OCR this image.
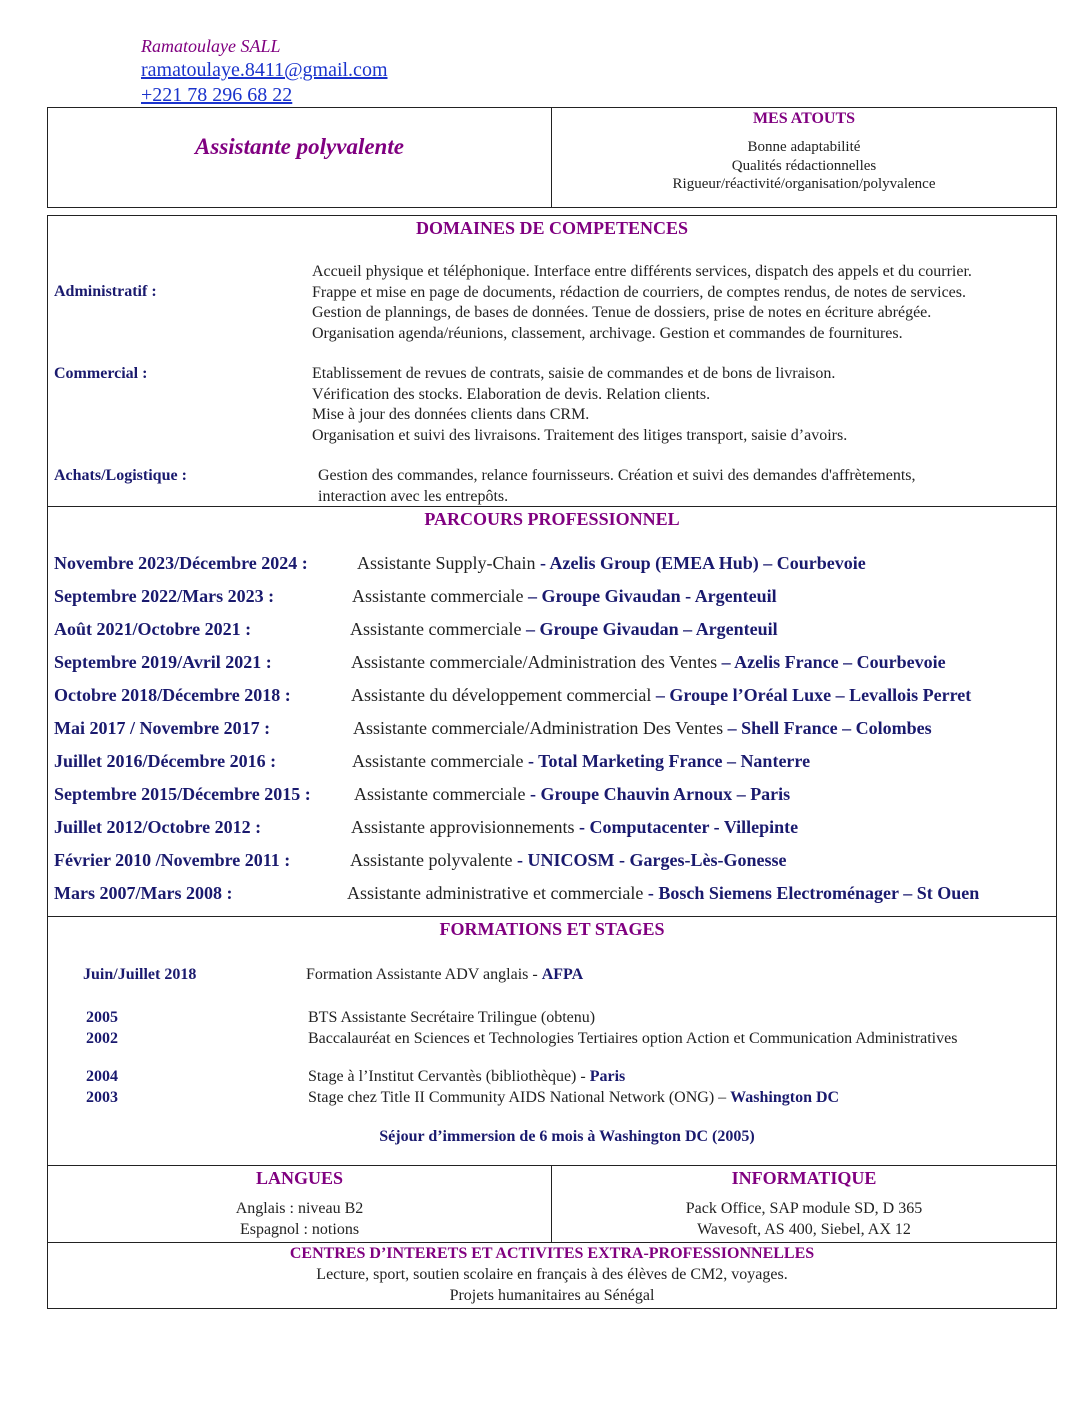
Ramatoulaye SALL
ramatoulaye.8411@gmail.com
+221 78 296 68 22
Assistante polyvalente
MES ATOUTS
Bonne adaptabilité
Qualités rédactionnelles
Rigueur/réactivité/organisation/polyvalence
DOMAINES DE COMPETENCES
Administratif :
Accueil physique et téléphonique. Interface entre différents services, dispatch des appels et du courrier.
Frappe et mise en page de documents, rédaction de courriers, de comptes rendus, de notes de services.
Gestion de plannings, de bases de données. Tenue de dossiers, prise de notes en écriture abrégée.
Organisation agenda/réunions, classement, archivage. Gestion et commandes de fournitures.
Commercial :	Etablissement de revues de contrats, saisie de commandes et de bons de livraison.
Vérification des stocks. Elaboration de devis. Relation clients.
Mise à jour des données clients dans CRM.
Organisation et suivi des livraisons. Traitement des litiges transport, saisie d’avoirs.
Achats/Logistique :	Gestion des commandes, relance fournisseurs. Création et suivi des demandes d'affrètements,
interaction avec les entrepôts.
PARCOURS PROFESSIONNEL
Novembre 2023/Décembre 2024 :	Assistante Supply-Chain - Azelis Group (EMEA Hub) – Courbevoie
Septembre 2022/Mars 2023 :	Assistante commerciale – Groupe Givaudan - Argenteuil
Août 2021/Octobre 2021 :	Assistante commerciale – Groupe Givaudan – Argenteuil
Septembre 2019/Avril 2021 :	Assistante commerciale/Administration des Ventes – Azelis France – Courbevoie
Octobre 2018/Décembre 2018 :	Assistante du développement commercial – Groupe l’Oréal Luxe – Levallois Perret
Mai 2017 / Novembre 2017 :	Assistante commerciale/Administration Des Ventes – Shell France – Colombes
Juillet 2016/Décembre 2016 :	Assistante commerciale - Total Marketing France – Nanterre
Septembre 2015/Décembre 2015 : Assistante commerciale - Groupe Chauvin Arnoux – Paris
Juillet 2012/Octobre 2012 :	Assistante approvisionnements - Computacenter - Villepinte
Février 2010 /Novembre 2011 :	Assistante polyvalente - UNICOSM - Garges-Lès-Gonesse
Mars 2007/Mars 2008 :	Assistante administrative et commerciale - Bosch Siemens Electroménager – St Ouen
FORMATIONS ET STAGES
Juin/Juillet 2018	Formation Assistante ADV anglais - AFPA
2005	BTS Assistante Secrétaire Trilingue (obtenu)
2002	Baccalauréat en Sciences et Technologies Tertiaires option Action et Communication Administratives
2004	Stage à l’Institut Cervantès (bibliothèque) - Paris
2003	Stage chez Title II Community AIDS National Network (ONG) – Washington DC
Séjour d’immersion de 6 mois à Washington DC (2005)
LANGUES
Anglais : niveau B2
Espagnol : notions
INFORMATIQUE
Pack Office, SAP module SD, D 365
Wavesoft, AS 400, Siebel, AX 12
CENTRES D’INTERETS ET ACTIVITES EXTRA-PROFESSIONNELLES
Lecture, sport, soutien scolaire en français à des élèves de CM2, voyages.
Projets humanitaires au Sénégal
